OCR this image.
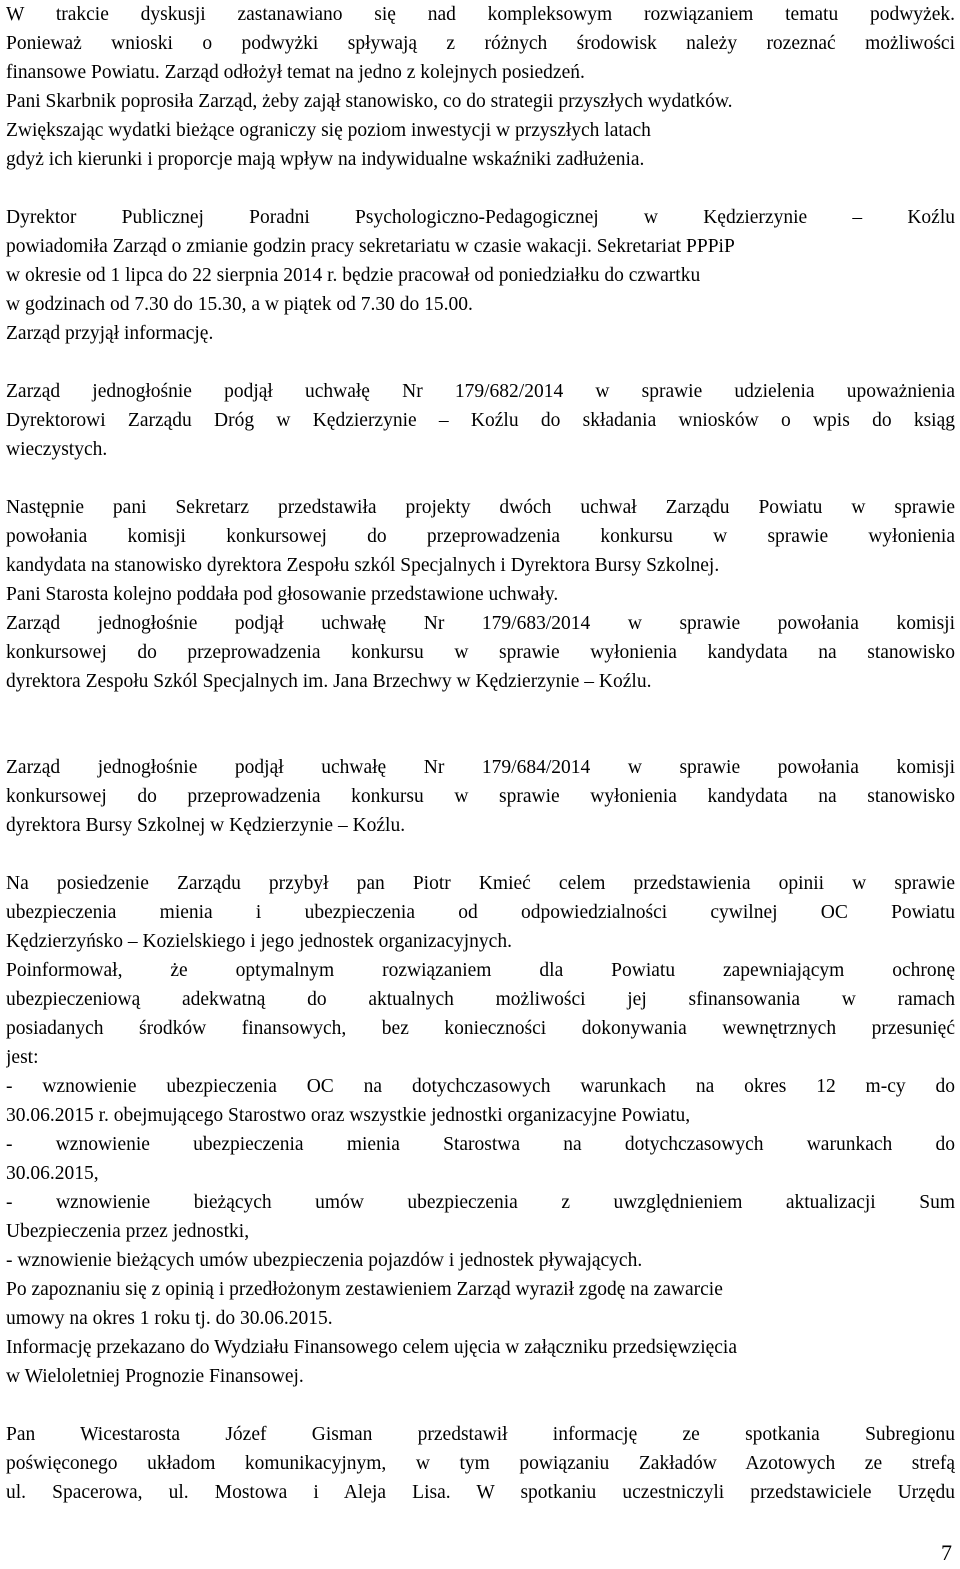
W trakcie dyskusji zastanawiano się nad kompleksowym rozwiązaniem tematu podwyżek.
Ponieważ wnioski o podwyżki spływają z różnych środowisk należy rozeznać możliwości
finansowe Powiatu. Zarząd odłożył temat na jedno z kolejnych posiedzeń.
Pani Skarbnik poprosiła Zarząd, żeby zajął stanowisko, co do strategii przyszłych wydatków.
Zwiększając wydatki bieżące ograniczy się poziom inwestycji w przyszłych latach
gdyż ich kierunki i proporcje mają wpływ na indywidualne wskaźniki zadłużenia.
Dyrektor Publicznej Poradni Psychologiczno-Pedagogicznej w Kędzierzynie – Koźlu
powiadomiła Zarząd o zmianie godzin pracy sekretariatu w czasie wakacji. Sekretariat PPPiP
w okresie od 1 lipca do 22 sierpnia 2014 r. będzie pracował od poniedziałku do czwartku
w godzinach od 7.30 do 15.30, a w piątek od 7.30 do 15.00.
Zarząd przyjął informację.
Zarząd jednogłośnie podjął uchwałę Nr 179/682/2014 w sprawie udzielenia upoważnienia
Dyrektorowi Zarządu Dróg w Kędzierzynie – Koźlu do składania wniosków o wpis do ksiąg
wieczystych.
Następnie pani Sekretarz przedstawiła projekty dwóch uchwał Zarządu Powiatu w sprawie
powołania komisji konkursowej do przeprowadzenia konkursu w sprawie wyłonienia
kandydata na stanowisko dyrektora Zespołu szkól Specjalnych i Dyrektora Bursy Szkolnej.
Pani Starosta kolejno poddała pod głosowanie przedstawione uchwały.
Zarząd jednogłośnie podjął uchwałę Nr 179/683/2014 w sprawie powołania komisji
konkursowej do przeprowadzenia konkursu w sprawie wyłonienia kandydata na stanowisko
dyrektora Zespołu Szkól Specjalnych im. Jana Brzechwy w Kędzierzynie – Koźlu.
Zarząd jednogłośnie podjął uchwałę Nr 179/684/2014 w sprawie powołania komisji
konkursowej do przeprowadzenia konkursu w sprawie wyłonienia kandydata na stanowisko
dyrektora Bursy Szkolnej w Kędzierzynie – Koźlu.
Na posiedzenie Zarządu przybył pan Piotr Kmieć celem przedstawienia opinii w sprawie
ubezpieczenia mienia i ubezpieczenia od odpowiedzialności cywilnej OC Powiatu
Kędzierzyńsko – Kozielskiego i jego jednostek organizacyjnych.
Poinformował, że optymalnym rozwiązaniem dla Powiatu zapewniającym ochronę
ubezpieczeniową adekwatną do aktualnych możliwości jej sfinansowania w ramach
posiadanych środków finansowych, bez konieczności dokonywania wewnętrznych przesunięć
jest:
- wznowienie ubezpieczenia OC na dotychczasowych warunkach na okres 12 m-cy do
30.06.2015 r. obejmującego Starostwo oraz wszystkie jednostki organizacyjne Powiatu,
- wznowienie ubezpieczenia mienia Starostwa na dotychczasowych warunkach do
30.06.2015,
- wznowienie bieżących umów ubezpieczenia z uwzględnieniem aktualizacji Sum
Ubezpieczenia przez jednostki,
- wznowienie bieżących umów ubezpieczenia pojazdów i jednostek pływających.
Po zapoznaniu się z opinią i przedłożonym zestawieniem Zarząd wyraził zgodę na zawarcie
umowy na okres 1 roku tj. do 30.06.2015.
Informację przekazano do Wydziału Finansowego celem ujęcia w załączniku przedsięwzięcia
w Wieloletniej Prognozie Finansowej.
Pan Wicestarosta Józef Gisman przedstawił informację ze spotkania Subregionu
poświęconego układom komunikacyjnym, w tym powiązaniu Zakładów Azotowych ze strefą
ul. Spacerowa, ul. Mostowa i Aleja Lisa. W spotkaniu uczestniczyli przedstawiciele Urzędu
7
